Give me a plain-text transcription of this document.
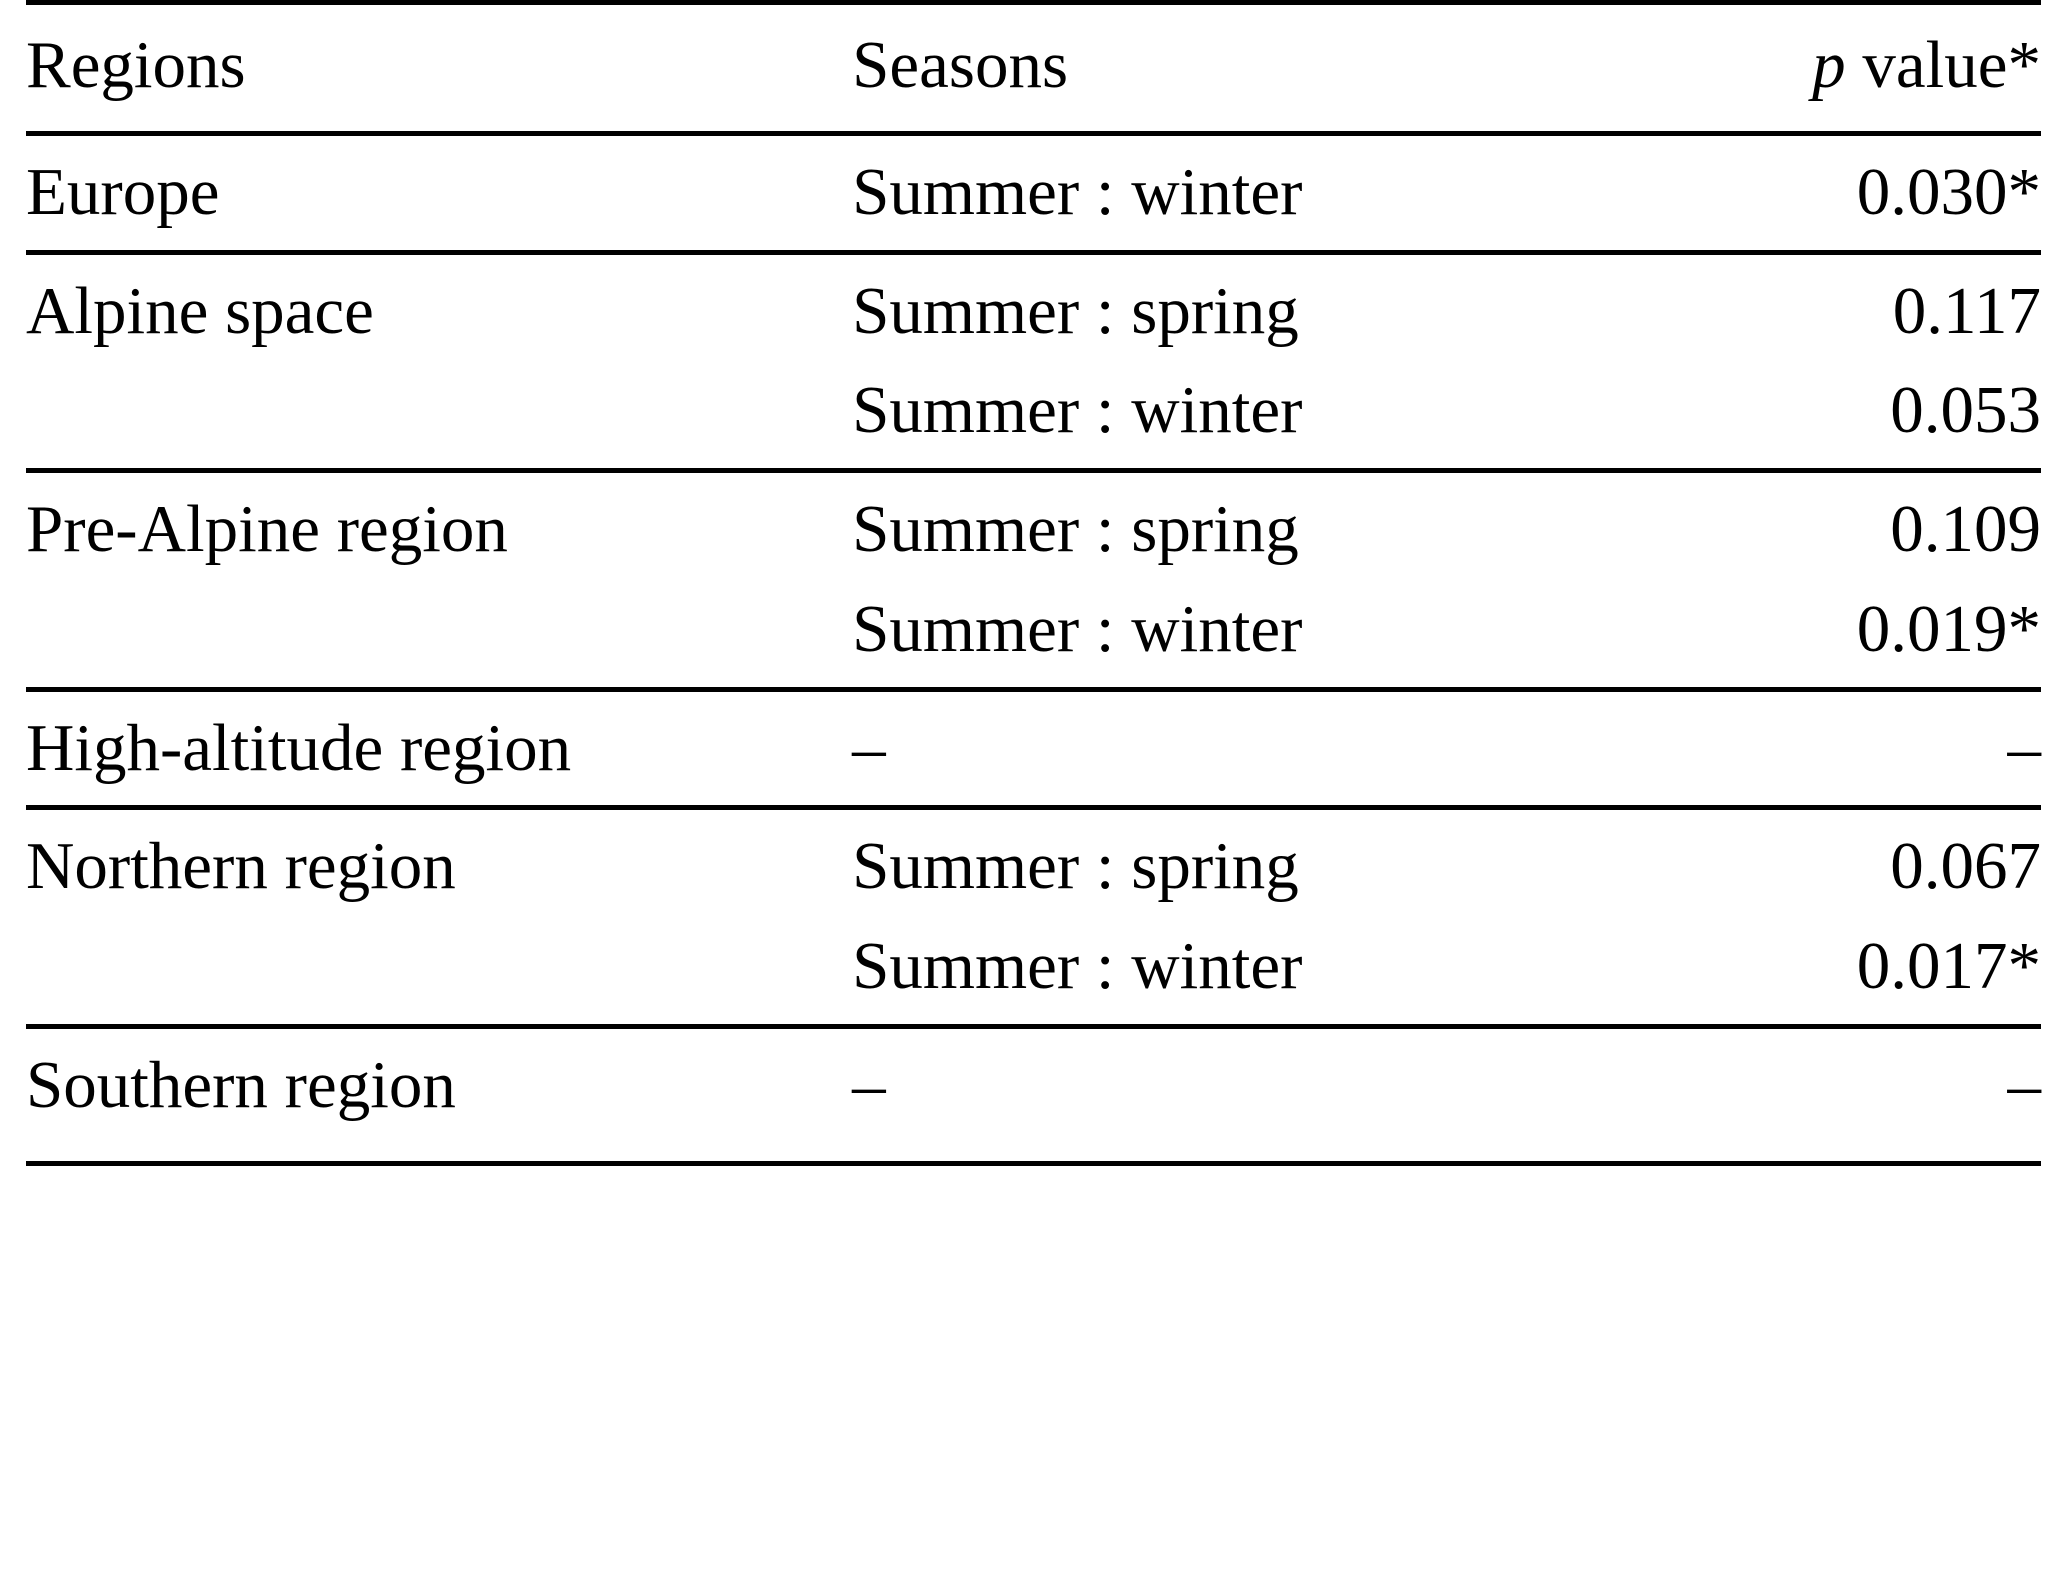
Regions	Seasons	p value*
Europe	Summer : winter	0.030*
Alpine space	Summer : spring	0.117
	Summer : winter	0.053
Pre-Alpine region	Summer : spring	0.109
	Summer : winter	0.019*
High-altitude region	–	–
Northern region	Summer : spring	0.067
	Summer : winter	0.017*
Southern region	–	–
